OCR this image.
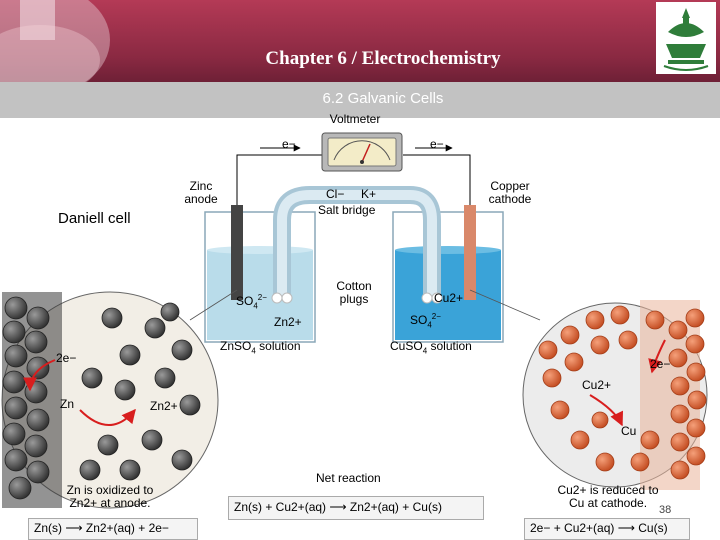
Chapter 6 / Electrochemistry
6.2 Galvanic Cells
Voltmeter
e−	e−
Zinc anode
Copper cathode
Cl−     K+
Salt bridge
Daniell cell
Cotton plugs
$SO_4^{2-}$
Zn2+
Cu2+
$SO_4^{2-}$
ZnSO$_4$ solution	CuSO$_4$ solution
2e−
Zn	Zn2+
Zn is oxidized to Zn2+ at anode.
2e−
Cu2+
Cu
Cu2+ is reduced to Cu at cathode.
Net reaction
Zn(s) + Cu2+(aq) ⟶ Zn2+(aq) + Cu(s)
Zn(s) ⟶ Zn2+(aq) + 2e−	2e− + Cu2+(aq) ⟶ Cu(s)
38
